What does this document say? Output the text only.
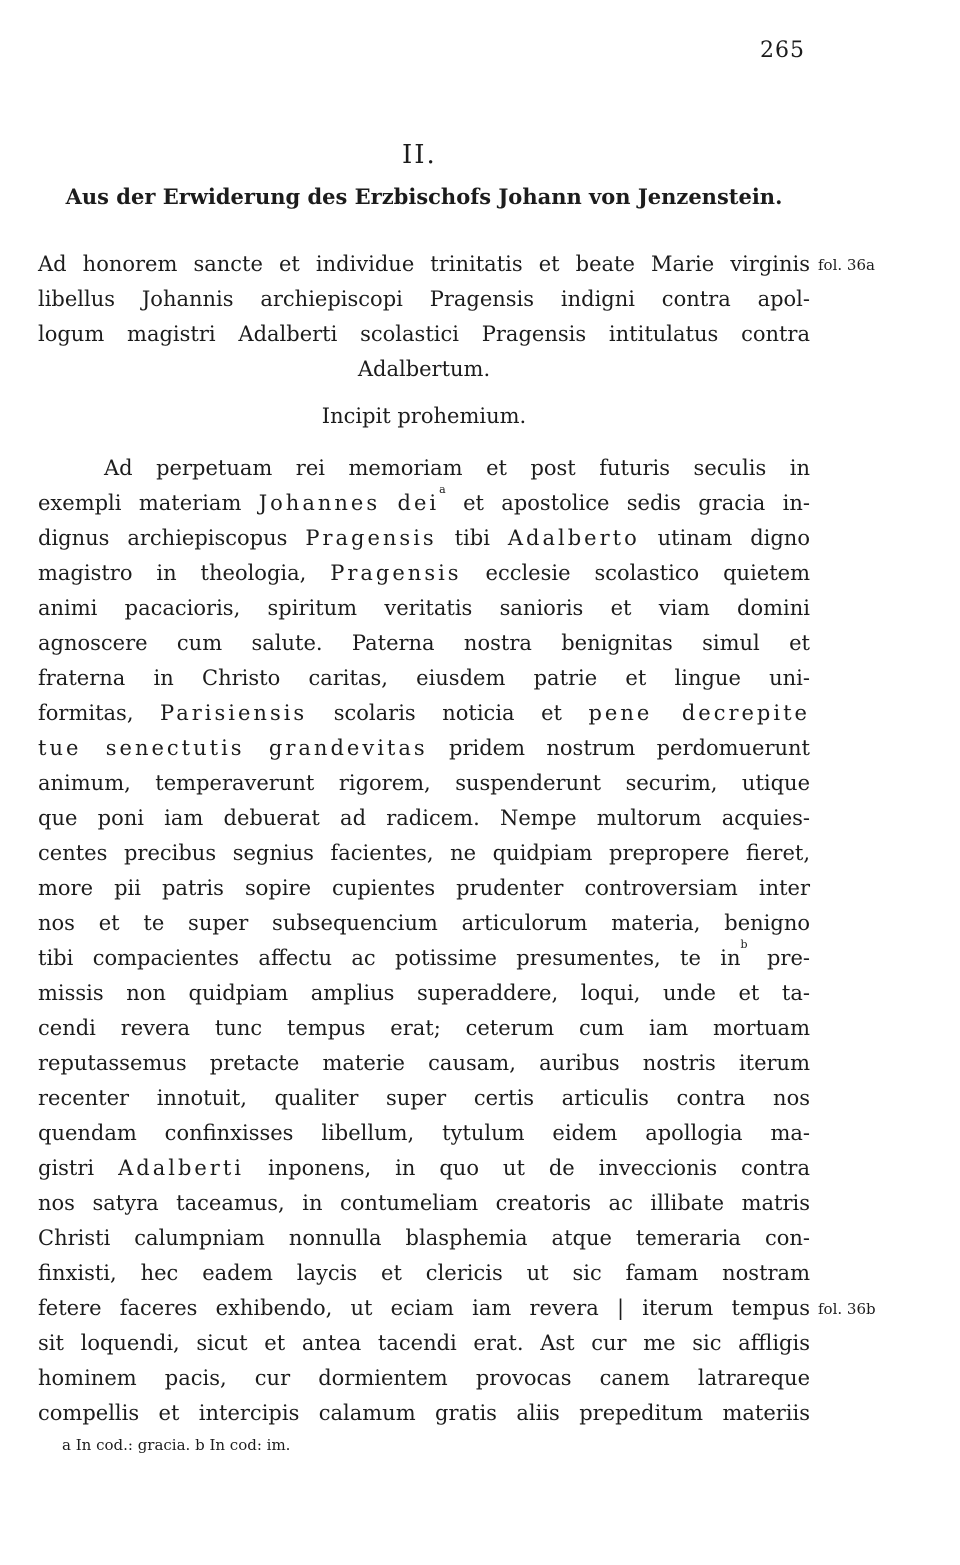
265
II.
Aus der Erwiderung des Erzbischofs Johann von Jenzenstein.
Ad honorem sancte et individue trinitatis et beate Marie virginis fol. 36a
libellus Johannis archiepiscopi Pragensis indigni contra apol-
logum magistri Adalberti scolastici Pragensis intitulatus contra
Adalbertum.
Incipit prohemium.
Ad perpetuam rei memoriam et post futuris seculis in
exempli materiam Johannes dei$^a$ et apostolice sedis gracia in-
dignus archiepiscopus Pragensis tibi Adalberto utinam digno
magistro in theologia, Pragensis ecclesie scolastico quietem
animi pacacioris, spiritum veritatis sanioris et viam domini
agnoscere cum salute. Paterna nostra benignitas simul et
fraterna in Christo caritas, eiusdem patrie et lingue uni-
formitas, Parisiensis scolaris noticia et pene decrepite
tue senectutis grandevitas pridem nostrum perdomuerunt
animum, temperaverunt rigorem, suspenderunt securim, utique
que poni iam debuerat ad radicem. Nempe multorum acquies-
centes precibus segnius facientes, ne quidpiam preproperе fieret,
more pii patris sopire cupientes prudenter controversiam inter
nos et te super subsequencium articulorum materia, benigno
tibi compacientes affectu ac potissime presumentes, te $in^b$ pre-
missis non quidpiam amplius superaddere, loqui, unde et ta-
cendi revera tunc tempus erat; ceterum cum iam mortuam
reputassemus pretacte materie causam, auribus nostris iterum
recenter innotuit, qualiter super certis articulis contra nos
quendam confinxisses libellum, tytulum eidem apollogia ma-
gistri Adalberti inponens, in quo ut de invecciоnis contra
nos satyra taceamus, in contumeliam creatoris ac illibate matris
Christi calumpniam nonnulla blasphemia atque temeraria con-
finxisti, hec eadem laycis et clericis ut sic famam nostram
fetere faceres exhibendo, ut eciam iam revera | iterum tempus fol. 36b
sit loquendi, sicut et antea tacendi erat. Ast cur me sic affligis
hominem pacis, cur dormientem provocas canem latrareque
compellis et intercipis calamum gratis aliis prepeditum materiis
a In cod.: gracia. b In cod: im.
